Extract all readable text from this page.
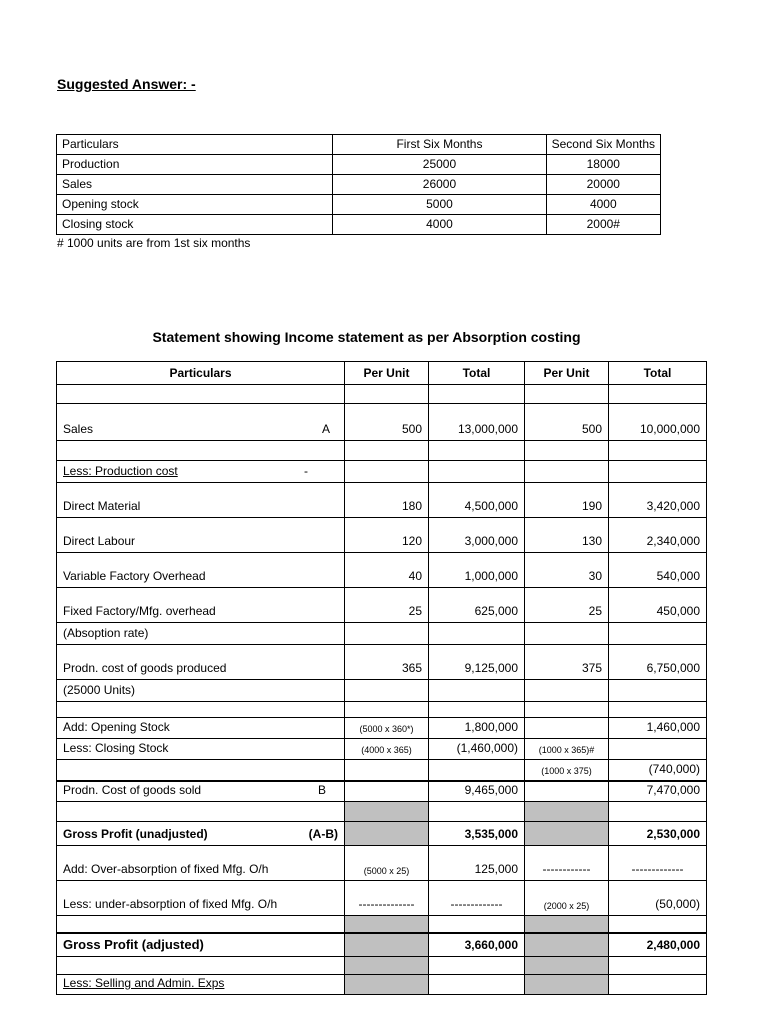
Suggested Answer: -
Particulars	First Six Months	Second Six Months
Production	25000	18000
Sales	26000	20000
Opening stock	5000	4000
Closing stock	4000	2000#
# 1000 units are from 1st six months
Statement showing Income statement as per Absorption costing
Particulars	Per Unit	Total	Per Unit	Total

Sales A	500	13,000,000	500	10,000,000

Less: Production cost -				

Direct Material	180	4,500,000	190	3,420,000
Direct Labour	120	3,000,000	130	2,340,000
Variable Factory Overhead	40	1,000,000	30	540,000
Fixed Factory/Mfg. overhead	25	625,000	25	450,000
(Absoption rate)				
Prodn. cost of goods produced	365	9,125,000	375	6,750,000
(25000 Units)				

Add: Opening Stock	(5000 x 360*)	1,800,000		1,460,000
Less: Closing Stock	(4000 x 365)	(1,460,000)	(1000 x 365)#	
			(1000 x 375)	(740,000)

Prodn. Cost of goods sold B		9,465,000		7,470,000

Gross Profit (unadjusted) (A-B)		3,535,000		2,530,000
Add: Over-absorption of fixed Mfg. O/h	(5000 x 25)	125,000	------------	-------------
Less: under-absorption of fixed Mfg. O/h	--------------	-------------	(2000 x 25)	(50,000)

Gross Profit (adjusted)		3,660,000		2,480,000

Less: Selling and Admin. Exps				
